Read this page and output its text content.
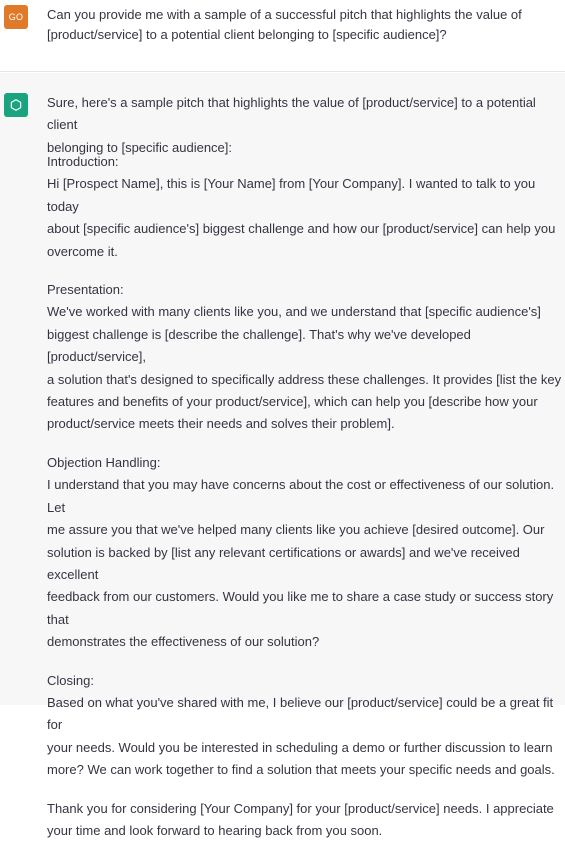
GO	Can you provide me with a sample of a successful pitch that highlights the value of
[product/service] to a potential client belonging to [specific audience]?

Sure, here's a sample pitch that highlights the value of [product/service] to a potential client
belonging to [specific audience]:

Introduction:

Hi [Prospect Name], this is [Your Name] from [Your Company]. I wanted to talk to you today
about [specific audience's] biggest challenge and how our [product/service] can help you
overcome it.

Presentation:

We've worked with many clients like you, and we understand that [specific audience's]
biggest challenge is [describe the challenge]. That's why we've developed [product/service],
a solution that's designed to specifically address these challenges. It provides [list the key
features and benefits of your product/service], which can help you [describe how your
product/service meets their needs and solves their problem].

Objection Handling:

I understand that you may have concerns about the cost or effectiveness of our solution. Let
me assure you that we've helped many clients like you achieve [desired outcome]. Our
solution is backed by [list any relevant certifications or awards] and we've received excellent
feedback from our customers. Would you like me to share a case study or success story that
demonstrates the effectiveness of our solution?

Closing:

Based on what you've shared with me, I believe our [product/service] could be a great fit for
your needs. Would you be interested in scheduling a demo or further discussion to learn
more? We can work together to find a solution that meets your specific needs and goals.

Thank you for considering [Your Company] for your [product/service] needs. I appreciate
your time and look forward to hearing back from you soon.
